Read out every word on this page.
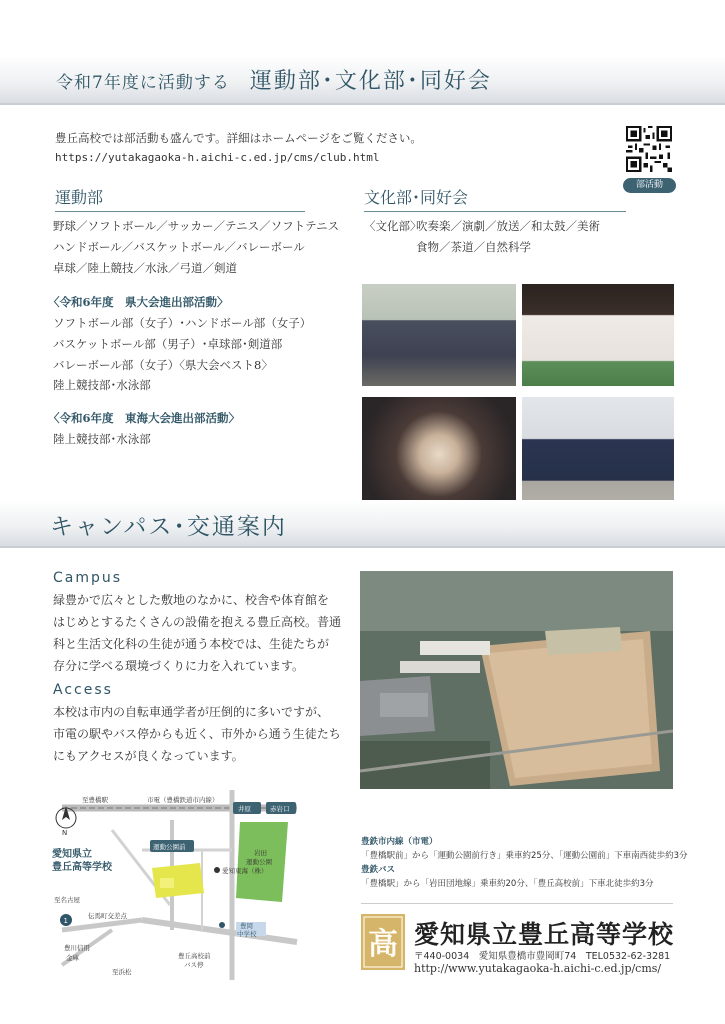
令和7年度に活動する 運動部･文化部･同好会
豊丘高校では部活動も盛んです。詳細はホームページをご覧ください。
https://yutakagaoka-h.aichi-c.ed.jp/cms/club.html
部活動
運動部
野球／ソフトボール／サッカー／テニス／ソフトテニス
ハンドボール／バスケットボール／バレーボール
卓球／陸上競技／水泳／弓道／剣道
〈令和6年度　県大会進出部活動〉
ソフトボール部（女子）･ハンドボール部（女子）
バスケットボール部（男子）･卓球部･剣道部
バレーボール部（女子）〈県大会ベスト8〉
陸上競技部･水泳部
〈令和6年度　東海大会進出部活動〉
陸上競技部･水泳部
文化部･同好会
〈文化部〉
吹奏楽／演劇／放送／和太鼓／美術
食物／茶道／自然科学
キャンパス･交通案内
Campus
緑豊かで広々とした敷地のなかに、校舎や体育館を
はじめとするたくさんの設備を抱える豊丘高校。普通
科と生活文化科の生徒が通う本校では、生徒たちが
存分に学べる環境づくりに力を入れています。
Access
本校は市内の自転車通学者が圧倒的に多いですが、
市電の駅やバス停からも近く、市外から通う生徒たち
にもアクセスが良くなっています。
N
至豊橋駅	市電（豊橋鉄道市内線）
井原	赤岩口
運動公園前
岩田
運動公園
愛知県立
豊丘高等学校	愛知東海（株）
至名古屋
1
伝馬町交差点
豊川信用
金庫
至浜松
豊岡
中学校
豊丘高校前
バス停
豊鉄市内線（市電）
「豊橋駅前」から「運動公園前行き」乗車約25分、「運動公園前」下車南西徒歩約3分
豊鉄バス
「豊橋駅」から「岩田団地線」乗車約20分、「豊丘高校前」下車北徒歩約3分
高 愛知県立豊丘高等学校
〒440-0034　愛知県豊橋市豊岡町74　TEL0532-62-3281
http://www.yutakagaoka-h.aichi-c.ed.jp/cms/
